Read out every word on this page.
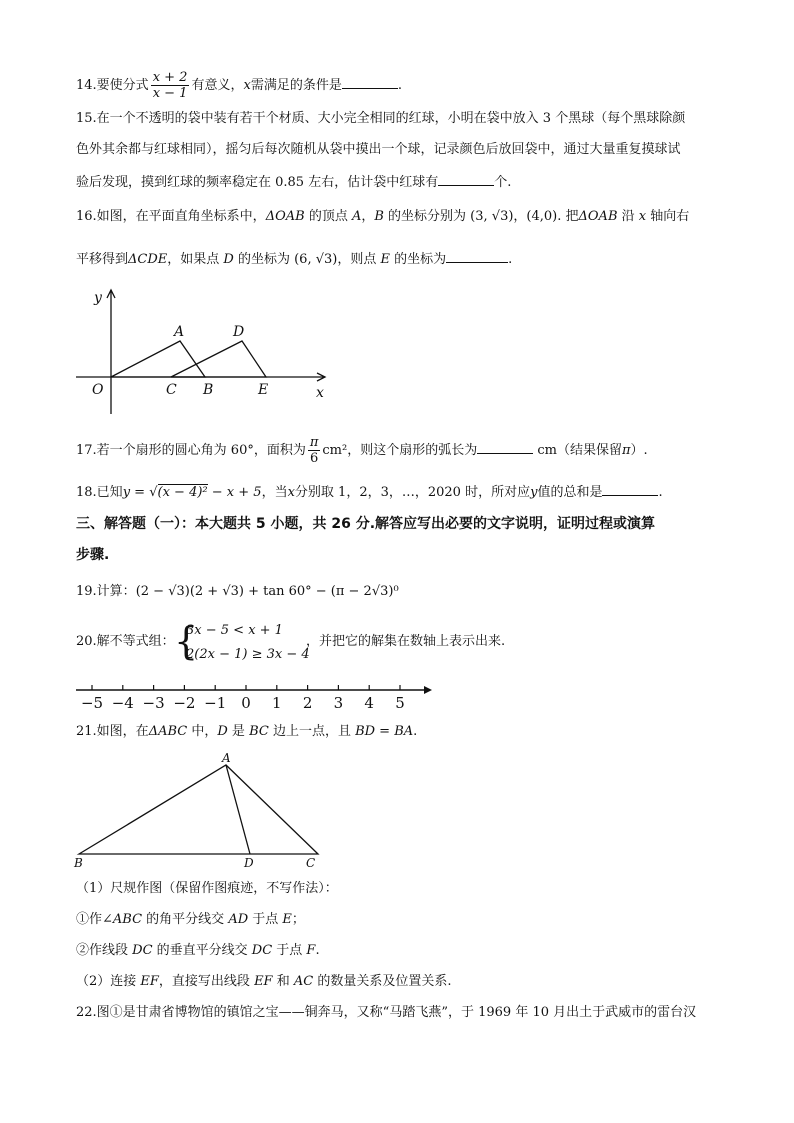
14.要使分式 $\frac{x + 2}{x - 1}$ 有意义，x需满足的条件是	.
15.在一个不透明的袋中装有若干个材质、大小完全相同的红球，小明在袋中放入 3 个黑球（每个黑球除颜
色外其余都与红球相同），摇匀后每次随机从袋中摸出一个球，记录颜色后放回袋中，通过大量重复摸球试
验后发现，摸到红球的频率稳定在 0.85 左右，估计袋中红球有	个.
16.如图，在平面直角坐标系中，ΔOAB 的顶点 A，B 的坐标分别为 (3, √3)，(4,0). 把ΔOAB 沿 x 轴向右
平移得到ΔCDE，如果点 D 的坐标为 (6, √3)，则点 E 的坐标为	.
y
x
O
A
B
C
D
E
17.若一个扇形的圆心角为 60°，面积为 $\frac{\pi}{6} cm^2$，则这个扇形的弧长为	cm（结果保留π）.
18.已知y = √(x − 4)² − x + 5，当x分别取 1，2，3，…，2020 时，所对应y值的总和是	.
三、解答题（一）：本大题共 5 小题，共 26 分.解答应写出必要的文字说明，证明过程或演算
步骤.
19.计算：(2 − √3)(2 + √3) + tan 60° − (π − 2√3)⁰
20.解不等式组： {
3x − 5 < x + 1
2(2x − 1) ≥ 3x − 4
，并把它的解集在数轴上表示出来.
−5 −4 −3 −2 −1 0 1 2 3 4 5
21.如图，在ΔABC 中，D 是 BC 边上一点，且 BD = BA.
A
B	D	C
（1）尺规作图（保留作图痕迹，不写作法）：
①作∠ABC 的角平分线交 AD 于点 E；
②作线段 DC 的垂直平分线交 DC 于点 F.
（2）连接 EF，直接写出线段 EF 和 AC 的数量关系及位置关系.
22.图①是甘肃省博物馆的镇馆之宝——铜奔马，又称“马踏飞燕”，于 1969 年 10 月出土于武威市的雷台汉
